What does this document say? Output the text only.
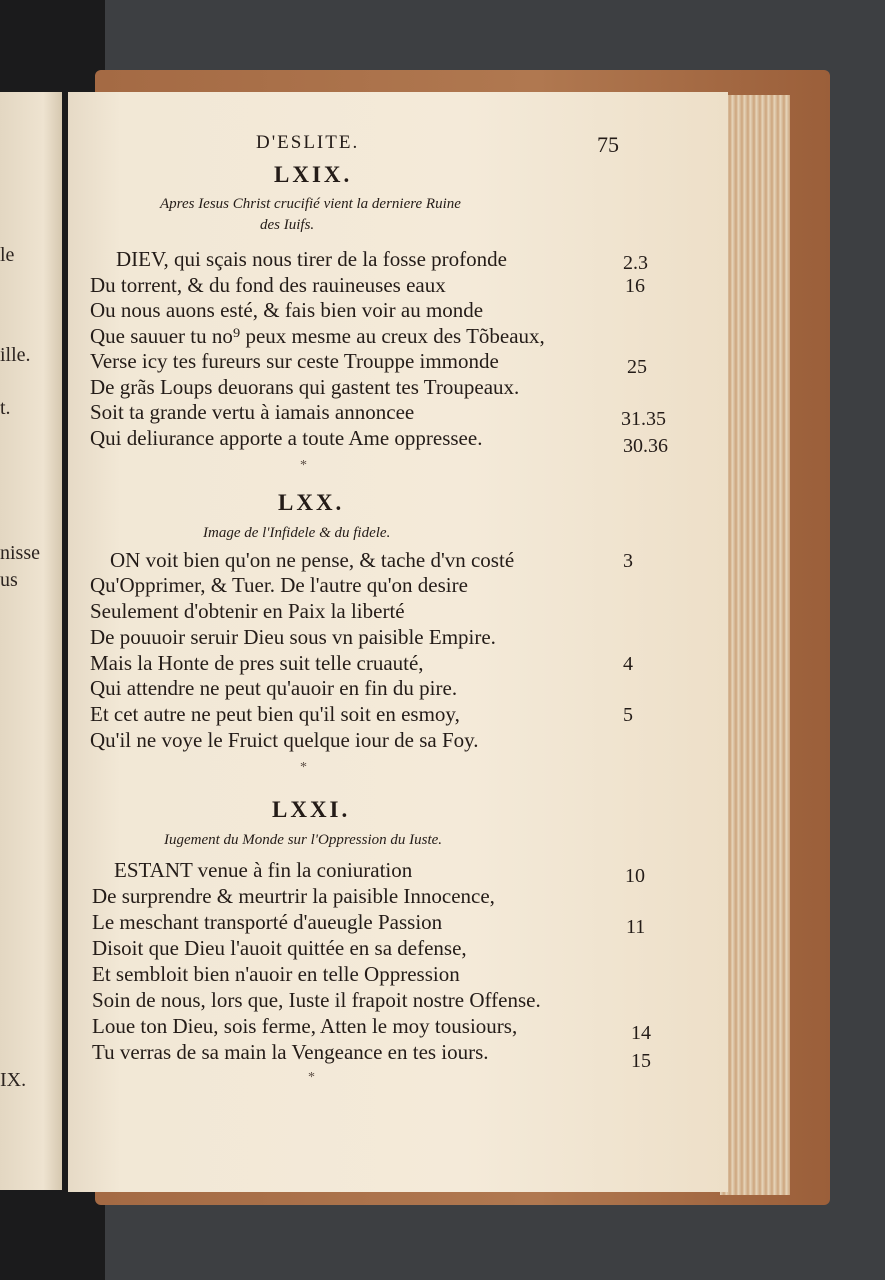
le
ille.
t.
nisse
us
IX.
D'ESLITE.	75
LXIX.
Apres Iesus Christ crucifié vient la derniere Ruine
des Iuifs.
DIEV, qui sçais nous tirer de la fosse profonde
Du torrent, & du fond des rauineuses eaux
Ou nous auons esté, & fais bien voir au monde
Que sauuer tu no⁹ peux mesme au creux des Tõbeaux,
Verse icy tes fureurs sur ceste Trouppe immonde
De grãs Loups deuorans qui gastent tes Troupeaux.
Soit ta grande vertu à iamais annoncee
Qui deliurance apporte a toute Ame oppressee.
2.3
16
25
31.35
30.36
*
LXX.
Image de l'Infidele & du fidele.
ON voit bien qu'on ne pense, & tache d'vn costé
Qu'Opprimer, & Tuer. De l'autre qu'on desire
Seulement d'obtenir en Paix la liberté
De pouuoir seruir Dieu sous vn paisible Empire.
Mais la Honte de pres suit telle cruauté,
Qui attendre ne peut qu'auoir en fin du pire.
Et cet autre ne peut bien qu'il soit en esmoy,
Qu'il ne voye le Fruict quelque iour de sa Foy.
3
4
5
*
LXXI.
Iugement du Monde sur l'Oppression du Iuste.
ESTANT venue à fin la coniuration
De surprendre & meurtrir la paisible Innocence,
Le meschant transporté d'aueugle Passion
Disoit que Dieu l'auoit quittée en sa defense,
Et sembloit bien n'auoir en telle Oppression
Soin de nous, lors que, Iuste il frapoit nostre Offense.
Loue ton Dieu, sois ferme, Atten le moy tousiours,
Tu verras de sa main la Vengeance en tes iours.
10
11
14
15
*
